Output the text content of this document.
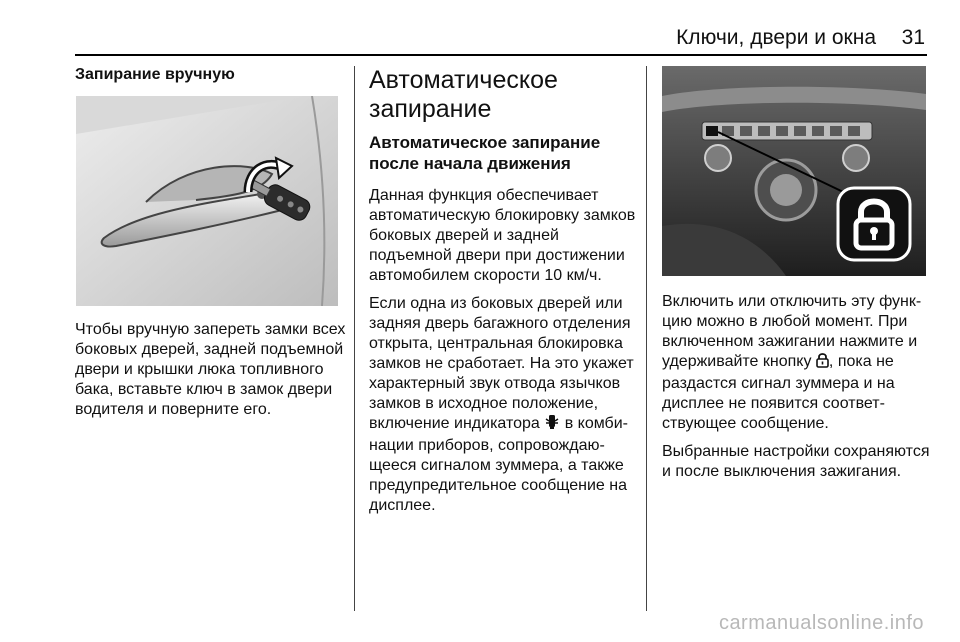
Ключи, двери и окна 31
Запирание вручную

Чтобы вручную запереть замки всех боковых дверей, задней подъемной двери и крышки люка топливного бака, вставьте ключ в замок двери водителя и поверните его.

Автоматическое запирание
Автоматическое запирание после начала движения

Данная функция обеспечивает автоматическую блокировку замков боковых дверей и задней подъемной двери при достижении автомобилем скорости 10 км/ч.

Если одна из боковых дверей или задняя дверь багажного отделения открыта, центральная блокировка замков не сработает. На это укажет характерный звук отвода язычков замков в исходное положение, включение индикатора  в комбинации приборов, сопровождающееся сигналом зуммера, а также предупредительное сообщение на дисплее.

Включить или отключить эту функцию можно в любой момент. При включенном зажигании нажмите и удерживайте кнопку , пока не раздастся сигнал зуммера и на дисплее не появится соответствующее сообщение.

Выбранные настройки сохраняются и после выключения зажигания.

carmanualsonline.info
